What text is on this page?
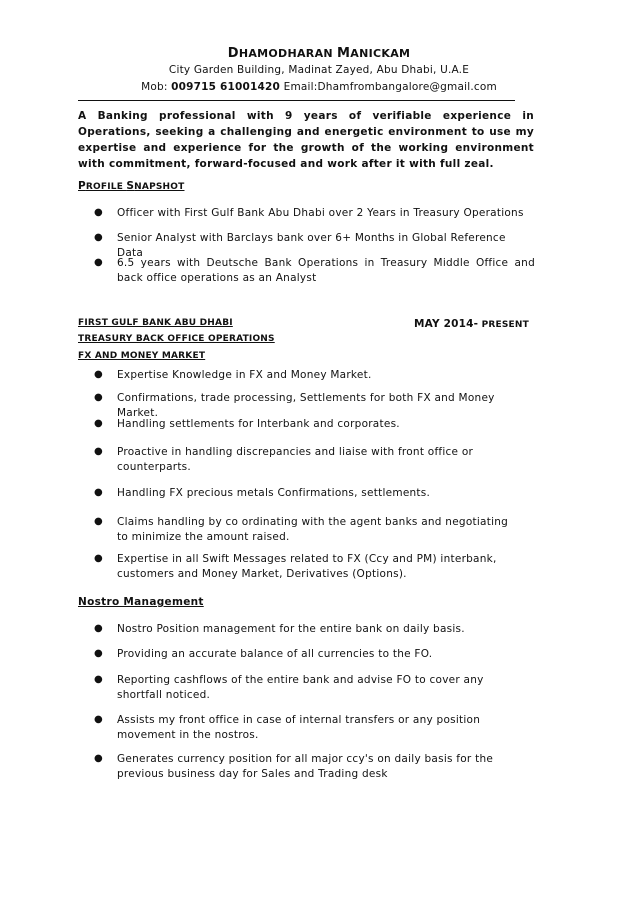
DHAMODHARAN MANICKAM
City Garden Building, Madinat Zayed, Abu Dhabi, U.A.E
Mob: 009715 61001420 Email:Dhamfrombangalore@gmail.com
A Banking professional with 9 years of verifiable experience in Operations, seeking a challenging and energetic environment to use my expertise and experience for the growth of the working environment with commitment, forward-focused and work after it with full zeal.
PROFILE SNAPSHOT
● Officer with First Gulf Bank Abu Dhabi over 2 Years in Treasury Operations
● Senior Analyst with Barclays bank over 6+ Months in Global Reference Data
● 6.5 years with Deutsche Bank Operations in Treasury Middle Office and back office operations as an Analyst
FIRST GULF BANK ABU DHABI	MAY 2014- PRESENT
TREASURY BACK OFFICE OPERATIONS
FX AND MONEY MARKET
● Expertise Knowledge in FX and Money Market.
● Confirmations, trade processing, Settlements for both FX and Money Market.
● Handling settlements for Interbank and corporates.
● Proactive in handling discrepancies and liaise with front office or counterparts.
● Handling FX precious metals Confirmations, settlements.
● Claims handling by co ordinating with the agent banks and negotiating to minimize the amount raised.
● Expertise in all Swift Messages related to FX (Ccy and PM) interbank, customers and Money Market, Derivatives (Options).
Nostro Management
● Nostro Position management for the entire bank on daily basis.
● Providing an accurate balance of all currencies to the FO.
● Reporting cashflows of the entire bank and advise FO to cover any shortfall noticed.
● Assists my front office in case of internal transfers or any position movement in the nostros.
● Generates currency position for all major ccy's on daily basis for the previous business day for Sales and Trading desk
